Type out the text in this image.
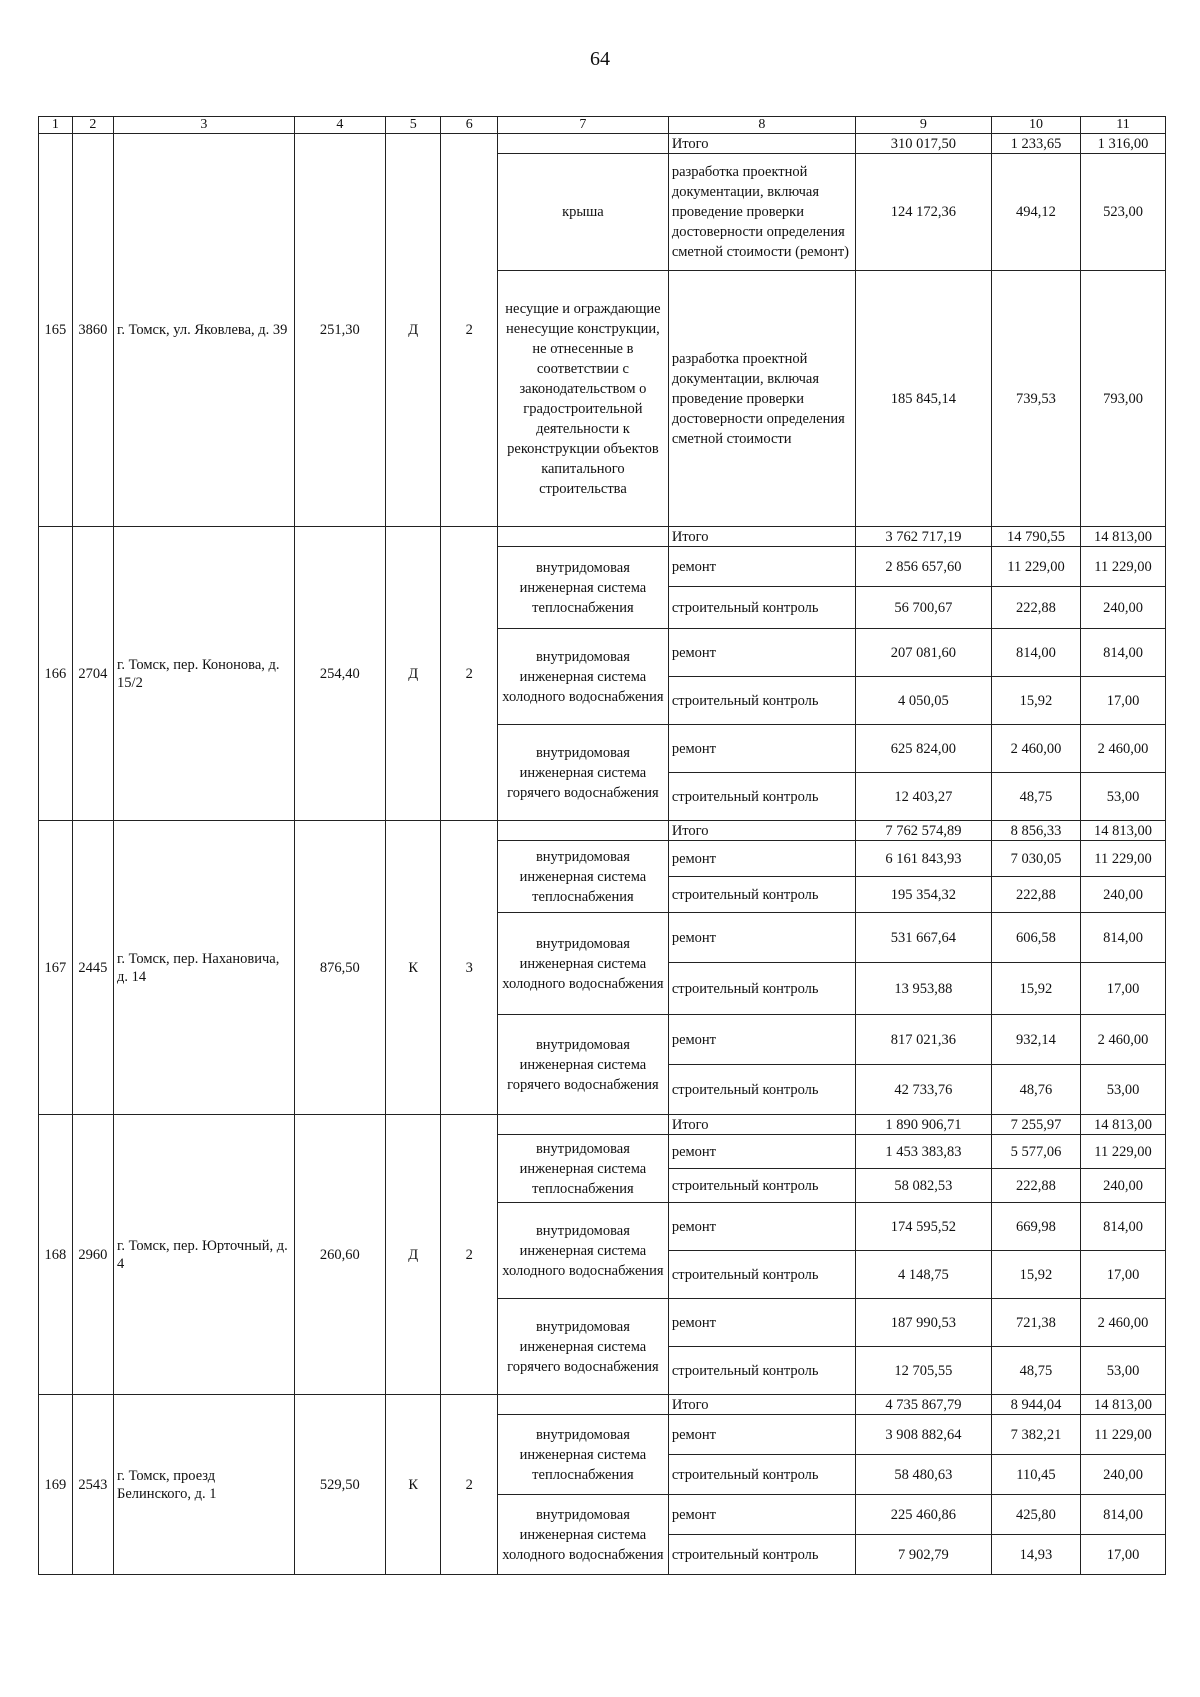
64
1	2	3	4	5	6	7	8	9	10	11
165	3860	г. Томск, ул. Яковлева, д. 39	251,30	Д	2		Итого	310 017,50	1 233,65	1 316,00
						крыша	разработка проектной документации, включая проведение проверки достоверности определения сметной стоимости (ремонт)	124 172,36	494,12	523,00
						несущие и ограждающие ненесущие конструкции, не отнесенные в соответствии с законодательством о градостроительной деятельности к реконструкции объектов капитального строительства	разработка проектной документации, включая проведение проверки достоверности определения сметной стоимости	185 845,14	739,53	793,00
166	2704	г. Томск, пер. Кононова, д. 15/2	254,40	Д	2		Итого	3 762 717,19	14 790,55	14 813,00
						внутридомовая инженерная система теплоснабжения	ремонт	2 856 657,60	11 229,00	11 229,00
							строительный контроль	56 700,67	222,88	240,00
						внутридомовая инженерная система холодного водоснабжения	ремонт	207 081,60	814,00	814,00
							строительный контроль	4 050,05	15,92	17,00
						внутридомовая инженерная система горячего водоснабжения	ремонт	625 824,00	2 460,00	2 460,00
							строительный контроль	12 403,27	48,75	53,00
167	2445	г. Томск, пер. Нахановича, д. 14	876,50	К	3		Итого	7 762 574,89	8 856,33	14 813,00
						внутридомовая инженерная система теплоснабжения	ремонт	6 161 843,93	7 030,05	11 229,00
							строительный контроль	195 354,32	222,88	240,00
						внутридомовая инженерная система холодного водоснабжения	ремонт	531 667,64	606,58	814,00
							строительный контроль	13 953,88	15,92	17,00
						внутридомовая инженерная система горячего водоснабжения	ремонт	817 021,36	932,14	2 460,00
							строительный контроль	42 733,76	48,76	53,00
168	2960	г. Томск, пер. Юрточный, д. 4	260,60	Д	2		Итого	1 890 906,71	7 255,97	14 813,00
						внутридомовая инженерная система теплоснабжения	ремонт	1 453 383,83	5 577,06	11 229,00
							строительный контроль	58 082,53	222,88	240,00
						внутридомовая инженерная система холодного водоснабжения	ремонт	174 595,52	669,98	814,00
							строительный контроль	4 148,75	15,92	17,00
						внутридомовая инженерная система горячего водоснабжения	ремонт	187 990,53	721,38	2 460,00
							строительный контроль	12 705,55	48,75	53,00
169	2543	г. Томск, проезд Белинского, д. 1	529,50	К	2		Итого	4 735 867,79	8 944,04	14 813,00
						внутридомовая инженерная система теплоснабжения	ремонт	3 908 882,64	7 382,21	11 229,00
							строительный контроль	58 480,63	110,45	240,00
						внутридомовая инженерная система холодного водоснабжения	ремонт	225 460,86	425,80	814,00
							строительный контроль	7 902,79	14,93	17,00
